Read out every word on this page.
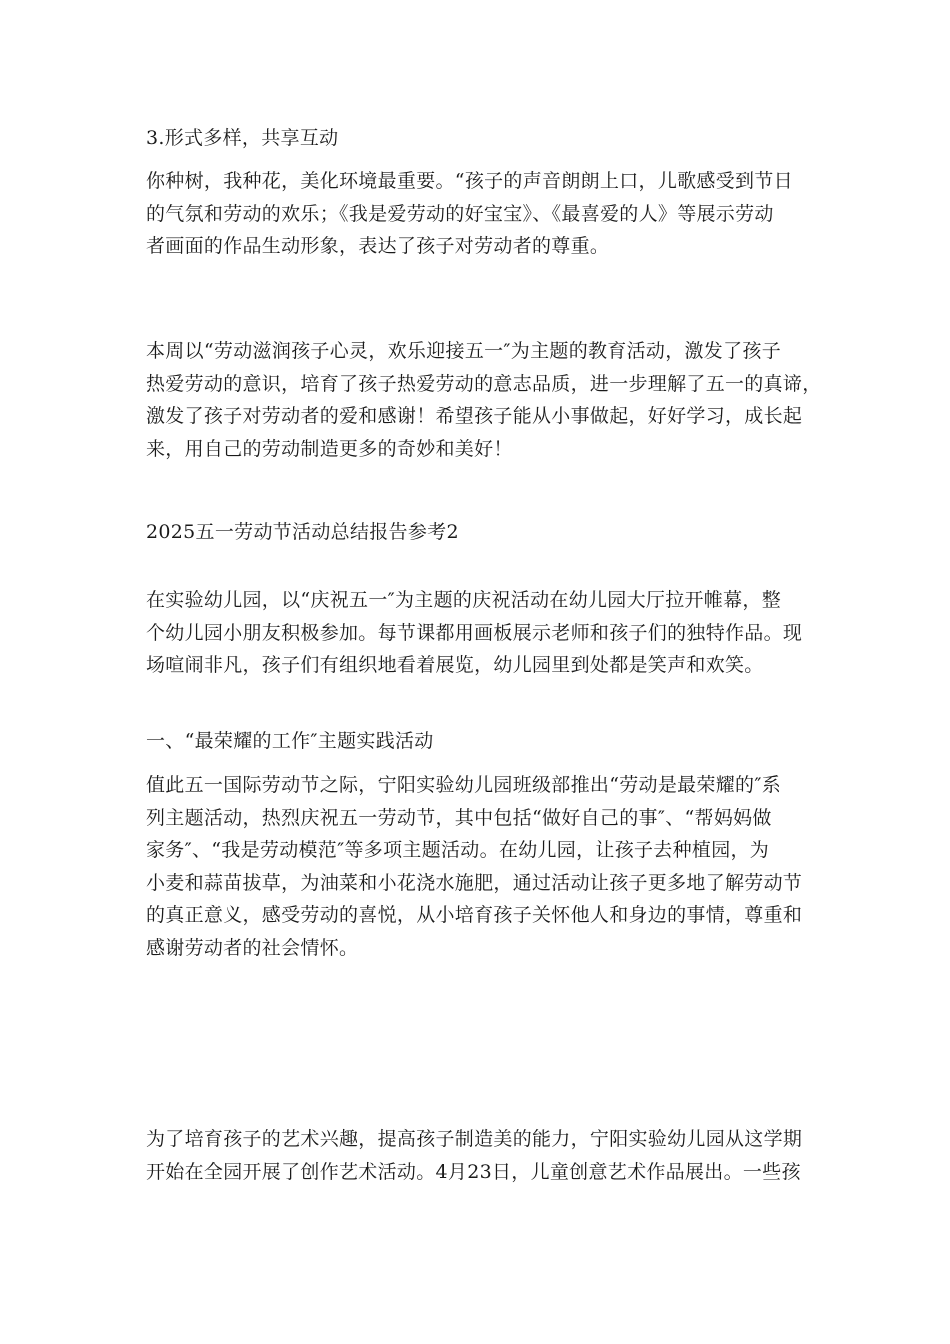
3.形式多样，共享互动

你种树，我种花，美化环境最重要。“孩子的声音朗朗上口，儿歌感受到节日
的气氛和劳动的欢乐；《我是爱劳动的好宝宝》、《最喜爱的人》等展示劳动
者画面的作品生动形象，表达了孩子对劳动者的尊重。

本周以“劳动滋润孩子心灵，欢乐迎接五一″为主题的教育活动，激发了孩子
热爱劳动的意识，培育了孩子热爱劳动的意志品质，进一步理解了五一的真谛，
激发了孩子对劳动者的爱和感谢！希望孩子能从小事做起，好好学习，成长起
来，用自己的劳动制造更多的奇妙和美好！

2025五一劳动节活动总结报告参考2

在实验幼儿园，以“庆祝五一″为主题的庆祝活动在幼儿园大厅拉开帷幕，整
个幼儿园小朋友积极参加。每节课都用画板展示老师和孩子们的独特作品。现
场喧闹非凡，孩子们有组织地看着展览，幼儿园里到处都是笑声和欢笑。

一、“最荣耀的工作″主题实践活动

值此五一国际劳动节之际，宁阳实验幼儿园班级部推出“劳动是最荣耀的″系
列主题活动，热烈庆祝五一劳动节，其中包括“做好自己的事″、“帮妈妈做
家务″、“我是劳动模范″等多项主题活动。在幼儿园，让孩子去种植园，为
小麦和蒜苗拔草，为油菜和小花浇水施肥，通过活动让孩子更多地了解劳动节
的真正意义，感受劳动的喜悦，从小培育孩子关怀他人和身边的事情，尊重和
感谢劳动者的社会情怀。

为了培育孩子的艺术兴趣，提高孩子制造美的能力，宁阳实验幼儿园从这学期
开始在全园开展了创作艺术活动。4月23日，儿童创意艺术作品展出。一些孩
